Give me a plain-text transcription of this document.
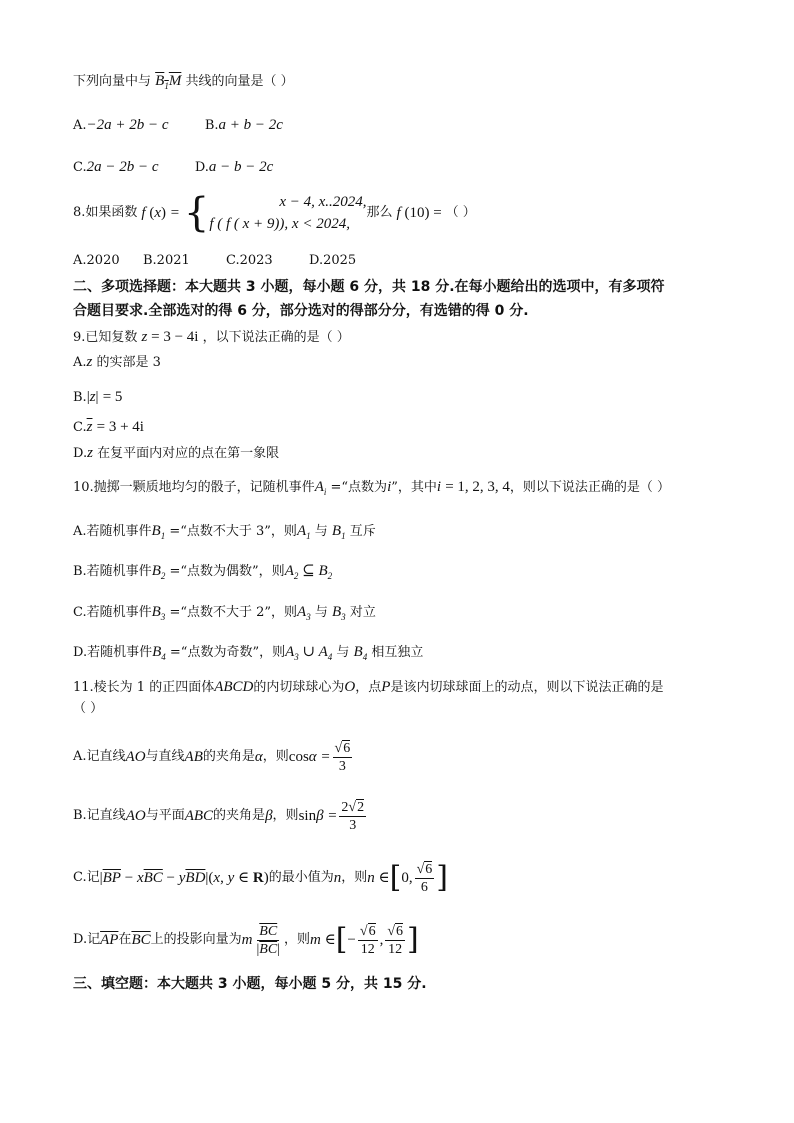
下列向量中与 $B_1M$ 共线的向量是（ ）
A.−2a + 2b − c	B.a + b − 2c
C.2a − 2b − c	D.a − b − 2c
8.如果函数 f (x) = {	x − 4, x..2024,
f ( f ( x + 9)), x < 2024,
那么 f (10) = （ ）
A.2020 B.2021	C.2023	D.2025
二、多项选择题：本大题共 3 小题，每小题 6 分，共 18 分.在每小题给出的选项中，有多项符
合题目要求.全部选对的得 6 分，部分选对的得部分分，有选错的得 0 分.
9.已知复数 z = 3 − 4i ，以下说法正确的是（ ）
A.z 的实部是 3
B.|z| = 5
$C.\overline{z} = 3 + 4i$
D.z 在复平面内对应的点在第一象限
10.抛掷一颗质地均匀的骰子，记随机事件$A_i$ =“点数为i”，其中i = 1, 2, 3, 4，则以下说法正确的是（ ）
A.若随机事件$B_1$ =“点数不大于 3”，则$A_1$ 与 $B_1$ 互斥
B.若随机事件$B_2$ =“点数为偶数”，则$A_2$ ⊆ $B_2$
C.若随机事件$B_3$ =“点数不大于 2”，则$A_3$ 与 $B_3$ 对立
D.若随机事件$B_4$ =“点数为奇数”，则$A_3$ ∪ $A_4$ 与 $B_4$ 相互独立
11.棱长为 1 的正四面体ABCD的内切球球心为O，点P是该内切球球面上的动点，则以下说法正确的是
（ ）
A.记直线 AO 与直线 AB 的夹角是 α ，则 $\cos\alpha = \frac{√6}{3}$
B.记直线 AO 与平面 ABC 的夹角是 β ，则 $\sin\beta = \frac{2√2}{3}$
C.记 $|\overline{BP} - x\overline{BC} - y\overline{BD}|(x$, y ∈ R) 的最小值为 n ，则 n ∈ [ 0, $\frac{√6}{6}$ ]
D.记 $\overline{AP}$ 在 $\overline{BC}$ 上的投影向量为 m $\frac{\overline{BC}}{|\overline{BC}|}$ ，则 m ∈ [ − $\frac{√6}{12}$ , $\frac{√6}{12}$ ]
三、填空题：本大题共 3 小题，每小题 5 分，共 15 分.
